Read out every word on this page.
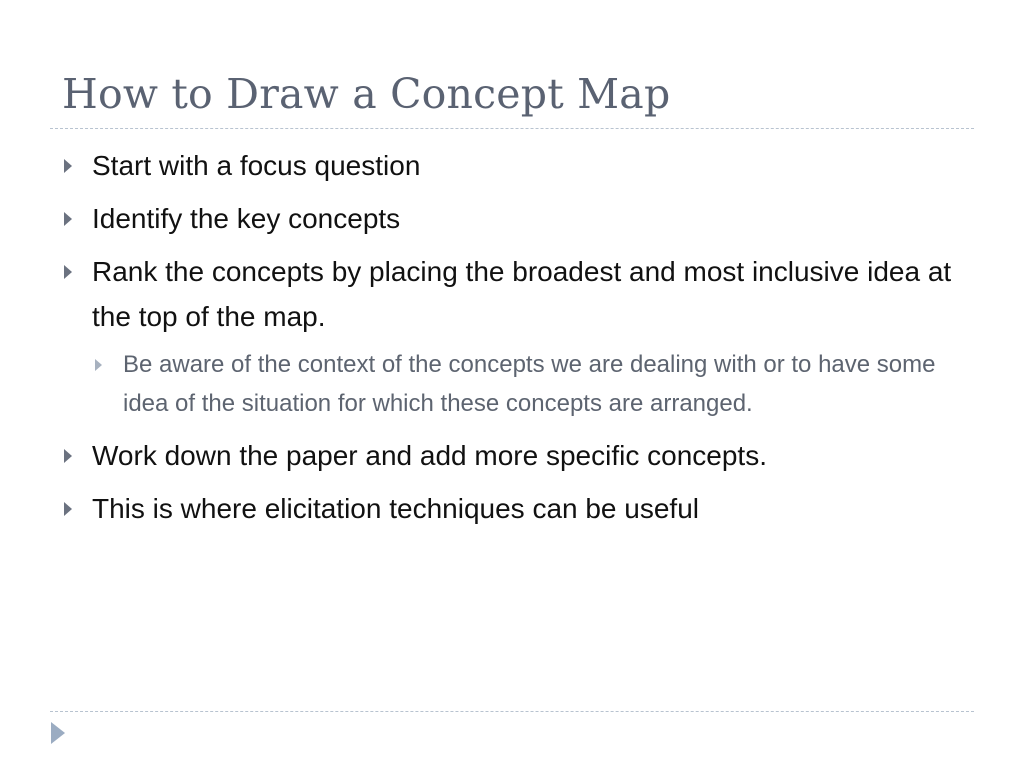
How to Draw a Concept Map
Start with a focus question
Identify the key concepts
Rank the concepts by placing the broadest and most inclusive idea at the top of the map.
Be aware of the context of the concepts we are dealing with or to have some idea of the situation for which these concepts are arranged.
Work down the paper and add more specific concepts.
This is where elicitation techniques can be useful
